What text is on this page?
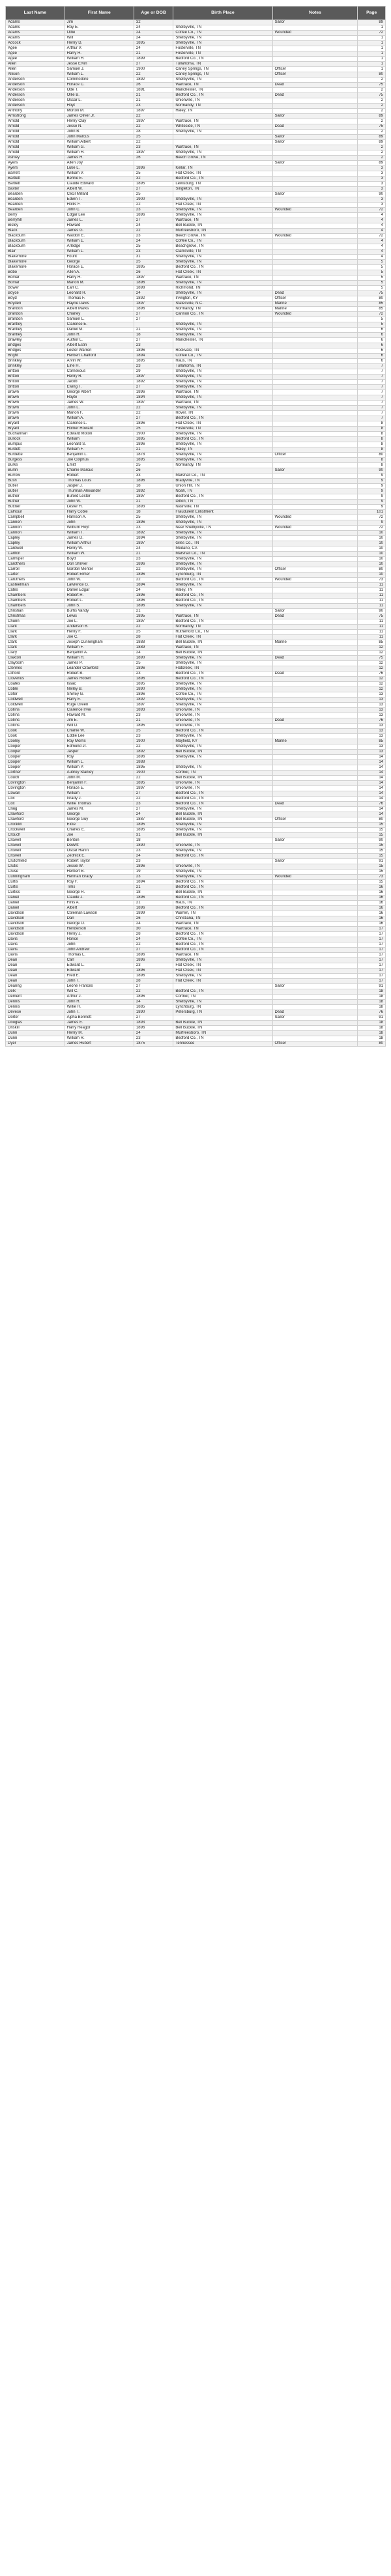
Last Name	First Name	Age or DOB	Birth Place	Notes	Page
Adams	Jim	32		Sailor	89
Adams	Roy E.	24	Shelbyville, TN		1
Adams	Odie	24	Coffee Co., TN	Wounded	72
Adams	Will	24	Shelbyville, TN		1
Adcock	Henry D.	1895	Shelbyville, TN		1
Agee	Arthur V.	24	Fosterville, TN		1
Agee	Harry H.	21	Fosterville, TN		1
Agee	William H.	1899	Bedford Co., TN		1
Allen	Jesse Ervin	27	Tullahoma, TN		1
Allen	Samuel J.	1900	Caney Springs, TN	Officer	1
Allison	William L.	22	Caney Springs, TN	Officer	80
Anderson	Commodore	1892	Shelbyville, TN		2
Anderson	Horace C.	26	Wartrace, TN	Dead	75
Anderson	Ode T.	1891	Manchester, TN		2
Anderson	Ollie B.	21	Bedford Co., TN	Dead	75
Anderson	Oscar L.	21	Unionville, TN		2
Anderson	Hoyt	23	Normandy, TN		2
Anthony	Morton M.	1897	Haley, TN		2
Armstrong	James Oliver Jr.	22		Sailor	89
Arnold	Henry Clay	1897	Wartrace, TN		2
Arnold	Jesse N.	22	Whiteside, TN	Dead	75
Arnold	John B.	28	Shelbyville, TN		2
Arnold	John Marcus	25		Sailor	89
Arnold	William Albert	22		Sailor	89
Arnold	William G.	23	Wartrace, TN		2
Arnold	William H.	1897	Shelbyville, TN		2
Ashley	James H.	26	Beech Grove, TN		2
Ayers	Allen Joy			Sailor	89
Ayers	Luke L.	1896	Kellar, TN		3
Barrett	William V.	25	Flat Creek, TN		3
Bartlett	Behrie E.	32	Bedford Co., TN		3
Bartlett	Claude Edward	1895	Lewisburg, TN		3
Baxter	Albert W.	27	Singleton, TN		3
Bearden	Cecil Millard	25		Sailor	90
Bearden	Edwin T.	1900	Shelbyville, TN		3
Bearden	Hollis F.	22	Flat Creek, TN		3
Bearden	John C.	23	Shelbyville, TN	Wounded	72
Berry	Edgar Lee	1896	Shelbyville, TN		4
Berryhill	James L.	27	Wartrace, TN		4
Bisley	Howard	24	Bell Buckle, TN		4
Black	James G.	22	Murfreesboro, TN		4
Blackburn	Waldon E.	23	Beech Grove, TN	Wounded	72
Blackburn	William E.	24	Coffee Co., TN		4
Blackburn	Arledge	25	Beachgrove, TN		4
Blair	William L.	23	Clarksville, TN		4
Blakemore	Fount	31	Shelbyville, TN		4
Blakemore	George	25	Shelbyville, TN		5
Blakemore	Horace E.	1895	Bedford Co., TN		5
Bobo	Allen A.	26	Flat Creek, TN		5
Bomar	Harry H.	1897	Wartrace, TN		5
Bomar	Marion M.	1896	Shelbyville, TN		5
Bower	Earl C.	1898	Richmond, TN		5
Boyce	Leonard H.	24	Shelbyville, TN	Dead	75
Boyd	Thomas F.	1892	Irvington, KY	Officer	80
Boyden	Hayne Davis	1897	Statesville, N.C.	Marine	85
Brandon	Albert Marks	1896	Normandy, TN	Marine	85
Brandon	Charley	27	Cannon Co., TN	Wounded	72
Brandon	Samuel L.	27			5
Brantley	Clarence E.		Shelbyville, TN		5
Brantley	Daniel M.	21	Shelbyville, TN		6
Brantley	John H.	18	Shelbyville, TN		6
Brawley	Author L.	27	Manchester, TN		6
Bridges	Albert Estin	23			6
Bridges	Lester Warren	1896	Rockvale, TN		6
Bright	Herbert Chafford	1894	Coffee Co., TN		6
Brinkley	Arvin W.	1895	Raus, TN		6
Brinkley	Elrie H.	23	Tullahoma, TN		7
Britton	Cornelious	29	Shelbyville, TN		7
Britton	Henry R.	1897	Shelbyville, TN		7
Britton	Jacob	1892	Shelbyville, TN		7
Britton	Ewing T.	27	Shelbyville, TN		7
Brown	George Albert	1896	Wartrace, TN		7
Brown	Hoyte	1894	Shelbyville, TN		7
Brown	James W.	1897	Wartrace, TN		7
Brown	John L.	22	Shelbyville, TN		7
Brown	Marion F.	22	Rover, TN		7
Brown	William A.	27	Bedford Co., TN		7
Bryant	Clarence L.	1896	Flat Creek, TN		8
Bryant	Homer Howard	25	Fosterville, TN		8
Buchannan	Edward Moton	1900	Shelbyville, TN		8
Bullock	William	1895	Bedford Co., TN		8
Bumpus	Leonard S.	1896	Shelbyville, TN		8
Burdett	William F.	21	Haley, TN		8
Burdette	Benjamin L.	1878	Shelbyville, TN	Officer	80
Burgess	Joe Colphus	1895	Shelbyville, TN		8
Burks	Emitt	25	Normandy, TN		8
Burlin	Charlie Marcus	26		Sailor	90
Burrow	Robert	33	Marshall Co., TN		9
Bush	Thomas Louis	1896	Bradyville, TN		9
Butler	Jasper J.	18	Union Hill, TN		9
Butler	Thurman Alexander	1892	Noah, TN		9
Butner	Buford Lester	1897	Bedford Co., TN		9
Butner	John W.	21	Dilton, TN		9
Buttner	Lester H.	1893	Nashville, TN		9
Calhoun	Harry Coble	18	Fraudulent Enlistment		101
Campbell	Harrison A.	25	Shelbyville, TN	Wounded	72
Cannon	John	1896	Shelbyville, TN		9
Cannon	Wilburn Hoyt	23	Near Shelbyville, TN	Wounded	72
Cannon	William T.	1892	Shelbyville, TN		10
Capley	James D.	1894	Shelbyville, TN		10
Capley	William Arthur	1897	Giles Co., TN		10
Cardwell	Henry W.	24	Medano, CA		10
Carlton	William W.	21	Marshall Co., TN		10
Carmiper	Boyd	23	Shelbyville, TN		10
Carothers	Don Shriver	1896	Shelbyville, TN		10
Carroll	Gordon Menter	22	Shelbyville, TN	Officer	80
Carter	Robert Elmer	1896	Lynchburg, TN		10
Caruthers	John W.	22	Bedford Co., TN	Wounded	73
Casteelman	Lawrence G.	1894	Shelbyville, TN		11
Cates	Daniel Edgar	24	Haley, TN		11
Chambers	Robert H.	1896	Bedford Co., TN		11
Chambers	Robert L.	1896	Bedford Co., TN		11
Chambers	John S.	1896	Shelbyville, TN		11
Christian	Burtis Vandy	21		Sailor	90
Christmas	Lewis	1895	Wartrace, TN	Dead	75
Chunn	Joe L.	1897	Bedford Co., TN		11
Clark	Anderson B.	22	Normandy, TN		11
Clark	Henry F.	25	Rutherford Co., TN		11
Clark	Joe C.	28	Flat Creek, TN		11
Clark	Joseph Cunningham	1888	Bell Buckle, TN	Marine	85
Clark	William F.	1889	Wartrace, TN		12
Clary	Benjamin A.	24	Bell Buckle, TN		12
Claxton	William H.	1890	Shelbyville, TN	Dead	75
Clayborn	James P.	25	Shelbyville, TN		12
Clennes	Leander Crawford	1896	Flatcreek, TN		12
Clifford	Robert B.	23	Bedford Co., TN	Dead	76
Cloverius	James Robert	1896	Bedford Co., TN		12
Coates	Issac	1895	Shelbyville, TN		12
Coble	Nelley B.	1890	Shelbyville, TN		12
Cofer	Shirley G.	1896	Coffee Co., TN		13
Coldwell	Harry E.	1892	Shelbyville, TN		13
Coldwell	Ruge Green	1897	Shelbyville, TN		13
Collins	Clarence Irvie	1893	Unionville, TN		13
Collins	Howard M.	23	Unionville, TN		13
Collins	Jim E.	21	Unionville, TN	Dead	76
Collins	Will D.	1895	Unionville, TN		13
Cook	Charlie W.	25	Bedford Co., TN		13
Cook	Eddie Lee	23	Shelbyville, TN		13
Cooley	Roy Morris	1900	Mayfield, KY	Marine	85
Cooper	Edmund Jr.	22	Shelbyville, TN		13
Cooper	Jasper	1892	Bell Buckle, TN		13
Cooper	Roy	1896	Shelbyville, TN		14
Cooper	William L.	1888			14
Cooper	William P.	1895	Shelbyville, TN		14
Cortner	Aubrey Stanley	1900	Cortner, TN		14
Couch	John M.	22	Bell Buckle, TN		14
Covington	Benjamin F.	1895	Unionville, TN		14
Covington	Horace E.	1897	Unionville, TN		14
Cowan	William	27	Bedford Co., TN		14
Cox	Grady J.	22	Bedford Co., TN		14
Cox	Willie Thomas	23	Bedford Co., TN	Dead	76
Craig	James M.	27	Shelbyville, TN		14
Crawford	George	24	Bell Buckle, TN		14
Crawford	George Guy	1887	Bell Buckle, TN	Officer	80
Crocklin	Eldie	1895	Shelbyville, TN		15
Crockwell	Charles E.	1895	Shelbyville, TN		15
Crouch	Joe	31	Bell Buckle, TN		15
Crowell	Benton	18		Sailor	90
Crowell	DeWitt	1890	Unionville, TN		15
Crowell	Oscar Harlin	23	Shelbyville, TN		15
Crowell	Zednick E.	24	Bedford Co., TN		15
Crutchfield	Robert Taylor	23		Sailor	91
Crutis	Jessie W.	1896	Unionville, TN		15
Cruse	Herbert B.	19	Shelbyville, TN		15
Cunningham	Herman Grady	23	Shelbyville, TN	Wounded	73
Curtis	Roy F.	1894	Bedford Co., TN		15
Curtis	Tims	21	Bedford Co., TN		16
Curtiss	George R.	18	Bell Buckle, TN		16
Daniel	Claude J.	1896	Bedford Co., TN		16
Daniel	Finis A.	21	Raus, TN		16
Daniel	Albert	1896	Bedford Co., TN		16
Davidson	Coleman Lawson	1899	Warren, TN		16
Davidson	Dan	26	Christiana, TN		16
Davidson	George O.	24	Wartrace, TN		16
Davidson	Henderson	30	Wartrace, TN		17
Davidson	Henry J.	28	Bedford Co., TN		17
Davis	Horice	24	Coffee Co., TN		17
Davis	John	22	Bedford Co., TN		17
Davis	John Andrew	27	Bedford Co., TN		17
Davis	Thomas L.	1896	Wartrace, TN		17
Dean	Carl	1896	Shelbyville, TN		17
Dean	Edward L.	23	Flat Creek, TN		17
Dean	Edward	1896	Flat Creek, TN		17
Dean	Fred E.	1896	Shelbyville, TN		17
Dean	John T.	28	Flat Creek, TN		17
Dearing	Leone Frances	27		Sailor	91
Delk	Will C.	22	Bedford Co., TN		18
Dement	Arthur J.	1896	Cortner, TN		18
Dennis	John H.	24	Shelbyville, TN		18
Dennis	Willie R.	1885	Lynchburg, TN		18
Devese	John T.	1890	Petersburg, TN	Dead	76
Dorter	Ajpha Bennett	27		Sailor	91
Douglas	James E.	1893	Bell Buckle, TN		18
Driskill	Harry Reagor	1896	Bell Buckle, TN		18
Dunn	Henry M.	24	Murfreesboro, TN		18
Dunn	William R.	23	Bedford Co., TN		18
Dyer	James Hubert	1875	Tennessee	Officer	80
